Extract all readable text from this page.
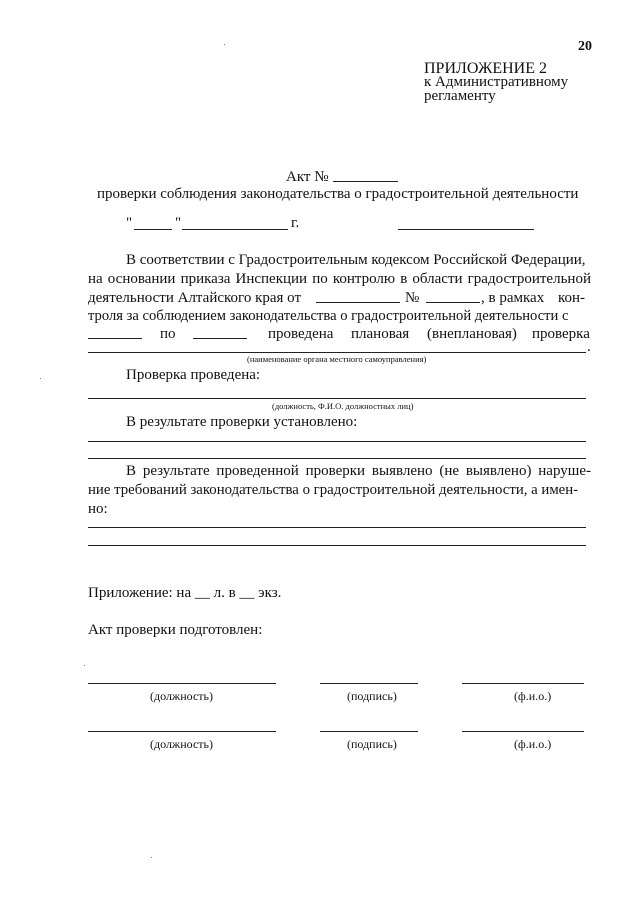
20
ПРИЛОЖЕНИЕ 2
к Административному
регламенту
Акт №
проверки соблюдения законодательства о градостроительной деятельности
"	"	г.
В соответствии с Градостроительным кодексом Российской Федерации,
на основании приказа Инспекции по контролю в области градостроительной
деятельности Алтайского края от	№	, в рамках кон-
троля за соблюдением законодательства о градостроительной деятельности с
по	проведена плановая (внеплановая) проверка
.
(наименование органа местного самоуправления)
Проверка проведена:
(должность, Ф.И.О. должностных лиц)
В результате проверки установлено:
В результате проведенной проверки выявлено (не выявлено) наруше-
ние требований законодательства о градостроительной деятельности, а имен-
но:
Приложение: на __ л. в __ экз.
Акт проверки подготовлен:
(должность)	(подпись)	(ф.и.о.)
(должность)	(подпись)	(ф.и.о.)
